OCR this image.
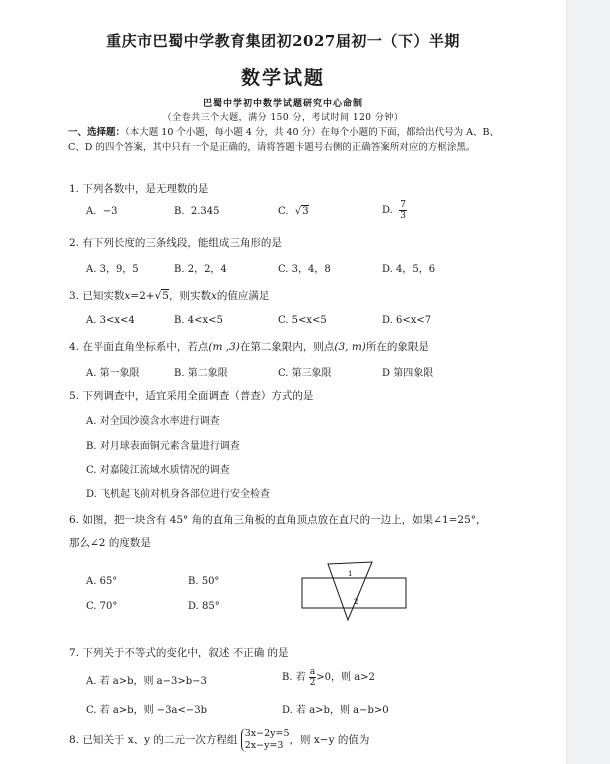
重庆市巴蜀中学教育集团初2027届初一（下）半期
数学试题
巴蜀中学初中数学试题研究中心命制
（全卷共三个大题，满分 150 分，考试时间 120 分钟）
一、选择题：（本大题 10 个小题，每小题 4 分，共 40 分）在每个小题的下面，都给出代号为 A、B、C、D 的四个答案，其中只有一个是正确的，请将答题卡题号右侧的正确答案所对应的方框涂黑。
1. 下列各数中，是无理数的是
A. −3	B. 2.345	C.  √3	D. $\frac{7}{3}$
2. 有下列长度的三条线段，能组成三角形的是
A. 3，9，5	B. 2，2，4	C. 3，4，8	D. 4，5，6
3. 已知实数x=2+√5，则实数x的值应满足
A. 3<x<4	B. 4<x<5	C. 5<x<5	D. 6<x<7
4. 在平面直角坐标系中，若点(m ,3)在第二象限内，则点(3, m)所在的象限是
A. 第一象限	B. 第二象限	C. 第三象限	D 第四象限
5. 下列调查中，适宜采用全面调查（普查）方式的是
A. 对全国沙漠含水率进行调查
B. 对月球表面铜元素含量进行调查
C. 对嘉陵江流域水质情况的调查
D. 飞机起飞前对机身各部位进行安全检查
6. 如图，把一块含有 45° 角的直角三角板的直角顶点放在直尺的一边上，如果∠1=25°，
那么∠2 的度数是
A. 65°	B. 50°
C. 70°	D. 85°
1
2
7. 下列关于不等式的变化中，叙述 不正确 的是
A. 若 a>b，则 a−3>b−3	B. 若 $\frac{a}{2} >0$，则 a>2
C. 若 a>b，则 −3a<−3b	D. 若 a>b，则 a−b>0
8. 已知关于 x、y 的二元一次方程组
3x−2y=5
2x−y=3 ，则 x−y 的值为
